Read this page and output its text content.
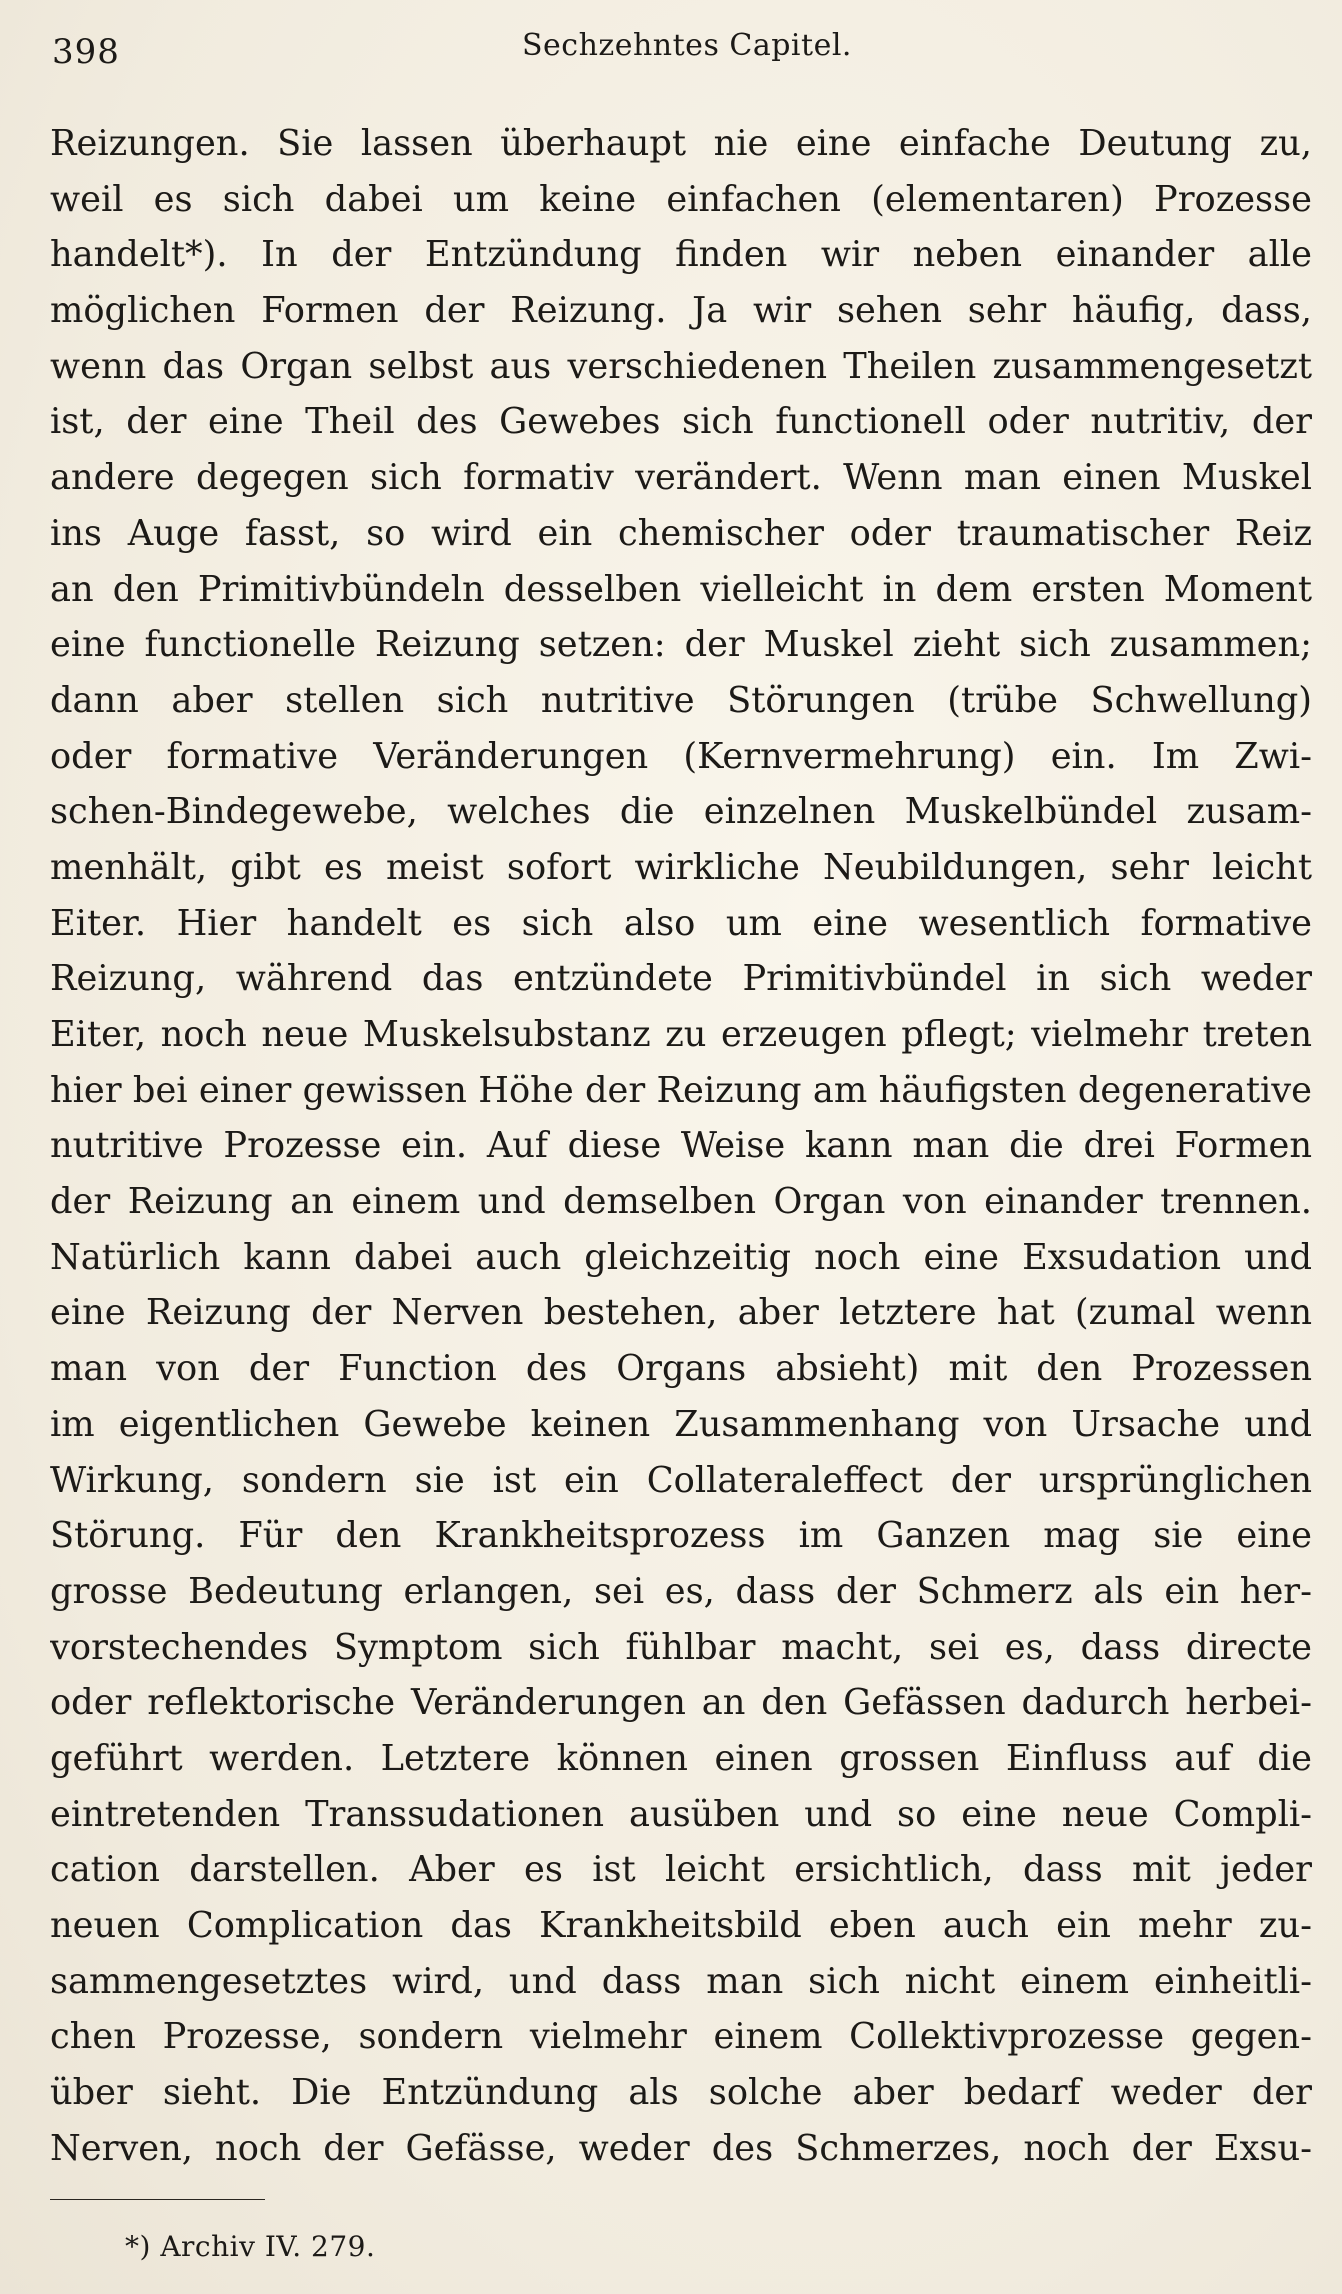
398	Sechzehntes Capitel.
Reizungen. Sie lassen überhaupt nie eine einfache Deutung zu,
weil es sich dabei um keine einfachen (elementaren) Prozesse
handelt*). In der Entzündung finden wir neben einander alle
möglichen Formen der Reizung. Ja wir sehen sehr häufig, dass,
wenn das Organ selbst aus verschiedenen Theilen zusammengesetzt
ist, der eine Theil des Gewebes sich functionell oder nutritiv, der
andere degegen sich formativ verändert. Wenn man einen Muskel
ins Auge fasst, so wird ein chemischer oder traumatischer Reiz
an den Primitivbündeln desselben vielleicht in dem ersten Moment
eine functionelle Reizung setzen: der Muskel zieht sich zusammen;
dann aber stellen sich nutritive Störungen (trübe Schwellung)
oder formative Veränderungen (Kernvermehrung) ein. Im Zwi-
schen-Bindegewebe, welches die einzelnen Muskelbündel zusam-
menhält, gibt es meist sofort wirkliche Neubildungen, sehr leicht
Eiter. Hier handelt es sich also um eine wesentlich formative
Reizung, während das entzündete Primitivbündel in sich weder
Eiter, noch neue Muskelsubstanz zu erzeugen pflegt; vielmehr treten
hier bei einer gewissen Höhe der Reizung am häufigsten degenerative
nutritive Prozesse ein. Auf diese Weise kann man die drei Formen
der Reizung an einem und demselben Organ von einander trennen.
Natürlich kann dabei auch gleichzeitig noch eine Exsudation und
eine Reizung der Nerven bestehen, aber letztere hat (zumal wenn
man von der Function des Organs absieht) mit den Prozessen
im eigentlichen Gewebe keinen Zusammenhang von Ursache und
Wirkung, sondern sie ist ein Collateraleffect der ursprünglichen
Störung. Für den Krankheitsprozess im Ganzen mag sie eine
grosse Bedeutung erlangen, sei es, dass der Schmerz als ein her-
vorstechendes Symptom sich fühlbar macht, sei es, dass directe
oder reflektorische Veränderungen an den Gefässen dadurch herbei-
geführt werden. Letztere können einen grossen Einfluss auf die
eintretenden Transsudationen ausüben und so eine neue Compli-
cation darstellen. Aber es ist leicht ersichtlich, dass mit jeder
neuen Complication das Krankheitsbild eben auch ein mehr zu-
sammengesetztes wird, und dass man sich nicht einem einheitli-
chen Prozesse, sondern vielmehr einem Collektivprozesse gegen-
über sieht. Die Entzündung als solche aber bedarf weder der
Nerven, noch der Gefässe, weder des Schmerzes, noch der Exsu-
*) Archiv IV. 279.
